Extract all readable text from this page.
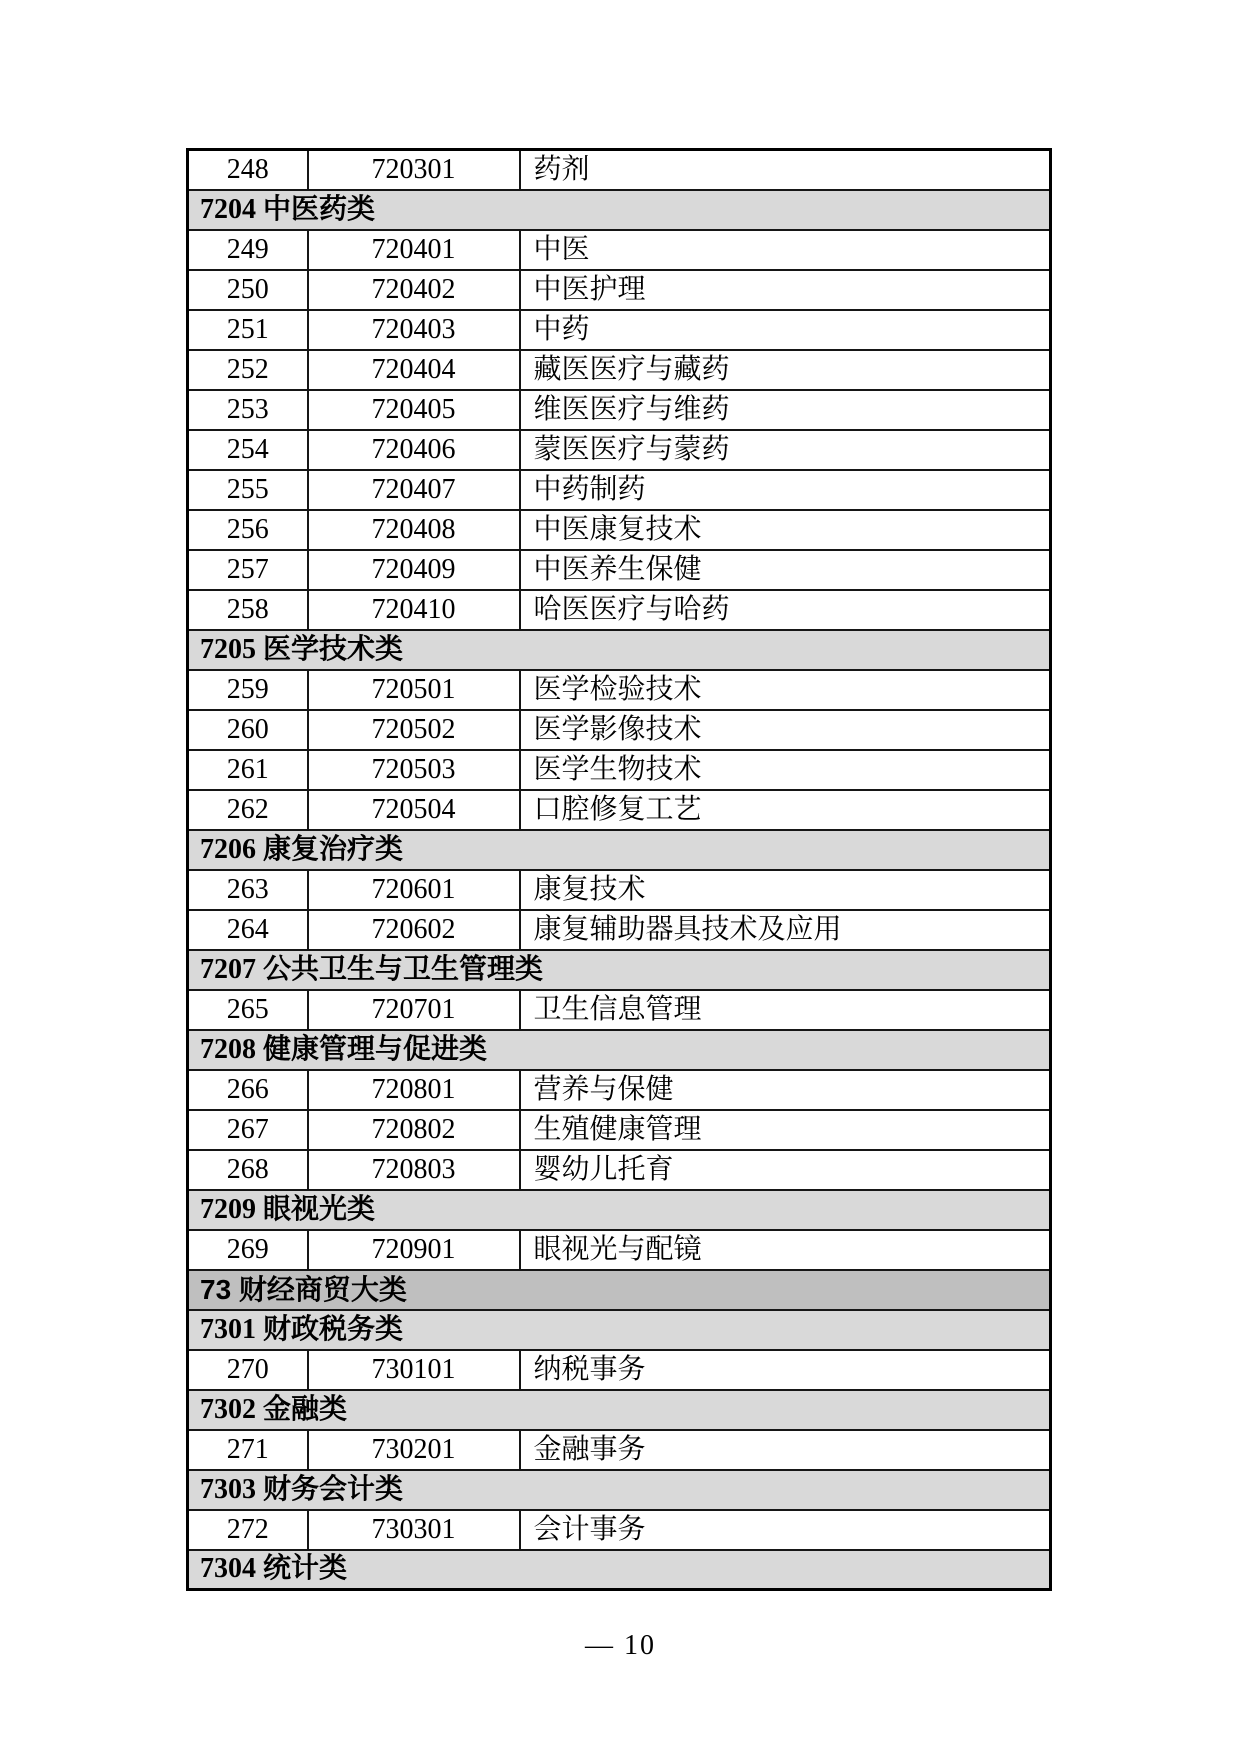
248	720301	药剂
7204 中医药类		
249	720401	中医
250	720402	中医护理
251	720403	中药
252	720404	藏医医疗与藏药
253	720405	维医医疗与维药
254	720406	蒙医医疗与蒙药
255	720407	中药制药
256	720408	中医康复技术
257	720409	中医养生保健
258	720410	哈医医疗与哈药
7205 医学技术类		
259	720501	医学检验技术
260	720502	医学影像技术
261	720503	医学生物技术
262	720504	口腔修复工艺
7206 康复治疗类		
263	720601	康复技术
264	720602	康复辅助器具技术及应用
7207 公共卫生与卫生管理类		
265	720701	卫生信息管理
7208 健康管理与促进类		
266	720801	营养与保健
267	720802	生殖健康管理
268	720803	婴幼儿托育
7209 眼视光类		
269	720901	眼视光与配镜
73 财经商贸大类		
7301 财政税务类		
270	730101	纳税事务
7302 金融类		
271	730201	金融事务
7303 财务会计类		
272	730301	会计事务
7304 统计类		
— 10
